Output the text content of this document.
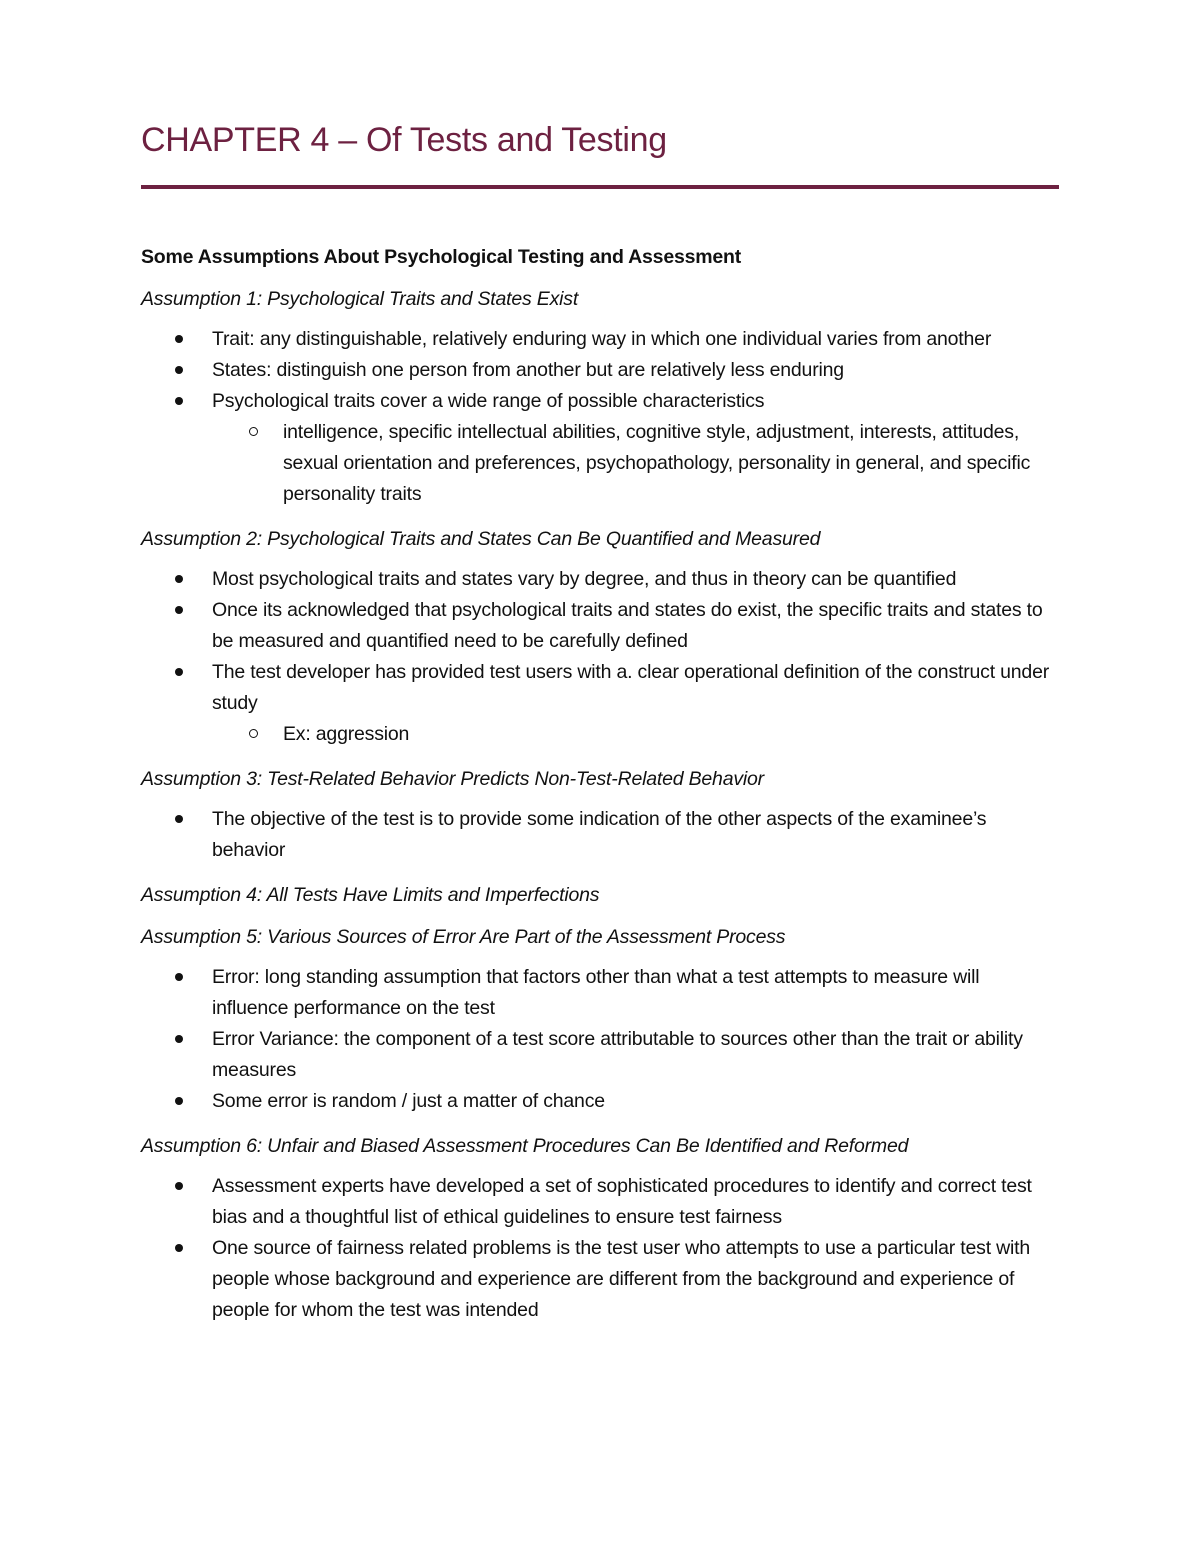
CHAPTER 4 – Of Tests and Testing
Some Assumptions About Psychological Testing and Assessment

Assumption 1: Psychological Traits and States Exist

Trait: any distinguishable, relatively enduring way in which one individual varies from another
States: distinguish one person from another but are relatively less enduring
Psychological traits cover a wide range of possible characteristics
intelligence, specific intellectual abilities, cognitive style, adjustment, interests, attitudes, sexual orientation and preferences, psychopathology, personality in general, and specific personality traits

Assumption 2: Psychological Traits and States Can Be Quantified and Measured

Most psychological traits and states vary by degree, and thus in theory can be quantified
Once its acknowledged that psychological traits and states do exist, the specific traits and states to be measured and quantified need to be carefully defined
The test developer has provided test users with a. clear operational definition of the construct under study
Ex: aggression

Assumption 3: Test-Related Behavior Predicts Non-Test-Related Behavior

The objective of the test is to provide some indication of the other aspects of the examinee’s behavior

Assumption 4: All Tests Have Limits and Imperfections

Assumption 5: Various Sources of Error Are Part of the Assessment Process

Error: long standing assumption that factors other than what a test attempts to measure will influence performance on the test
Error Variance: the component of a test score attributable to sources other than the trait or ability measures
Some error is random / just a matter of chance

Assumption 6: Unfair and Biased Assessment Procedures Can Be Identified and Reformed

Assessment experts have developed a set of sophisticated procedures to identify and correct test bias and a thoughtful list of ethical guidelines to ensure test fairness
One source of fairness related problems is the test user who attempts to use a particular test with people whose background and experience are different from the background and experience of people for whom the test was intended
